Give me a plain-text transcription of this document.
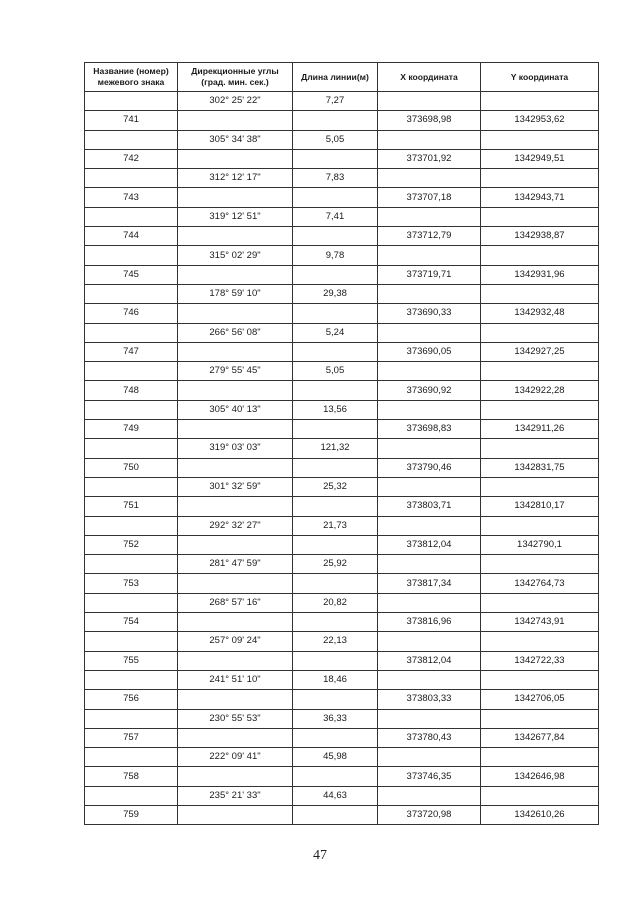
Название (номер) межевого знака	Дирекционные углы (град. мин. сек.)	Длина линии(м)	X координата	Y координата
	302° 25' 22"	7,27		
741			373698,98	1342953,62
	305° 34' 38"	5,05		
742			373701,92	1342949,51
	312° 12' 17"	7,83		
743			373707,18	1342943,71
	319° 12' 51"	7,41		
744			373712,79	1342938,87
	315° 02' 29"	9,78		
745			373719,71	1342931,96
	178° 59' 10"	29,38		
746			373690,33	1342932,48
	266° 56' 08"	5,24		
747			373690,05	1342927,25
	279° 55' 45"	5,05		
748			373690,92	1342922,28
	305° 40' 13"	13,56		
749			373698,83	1342911,26
	319° 03' 03"	121,32		
750			373790,46	1342831,75
	301° 32' 59"	25,32		
751			373803,71	1342810,17
	292° 32' 27"	21,73		
752			373812,04	1342790,1
	281° 47' 59"	25,92		
753			373817,34	1342764,73
	268° 57' 16"	20,82		
754			373816,96	1342743,91
	257° 09' 24"	22,13		
755			373812,04	1342722,33
	241° 51' 10"	18,46		
756			373803,33	1342706,05
	230° 55' 53"	36,33		
757			373780,43	1342677,84
	222° 09' 41"	45,98		
758			373746,35	1342646,98
	235° 21' 33"	44,63		
759			373720,98	1342610,26
47
